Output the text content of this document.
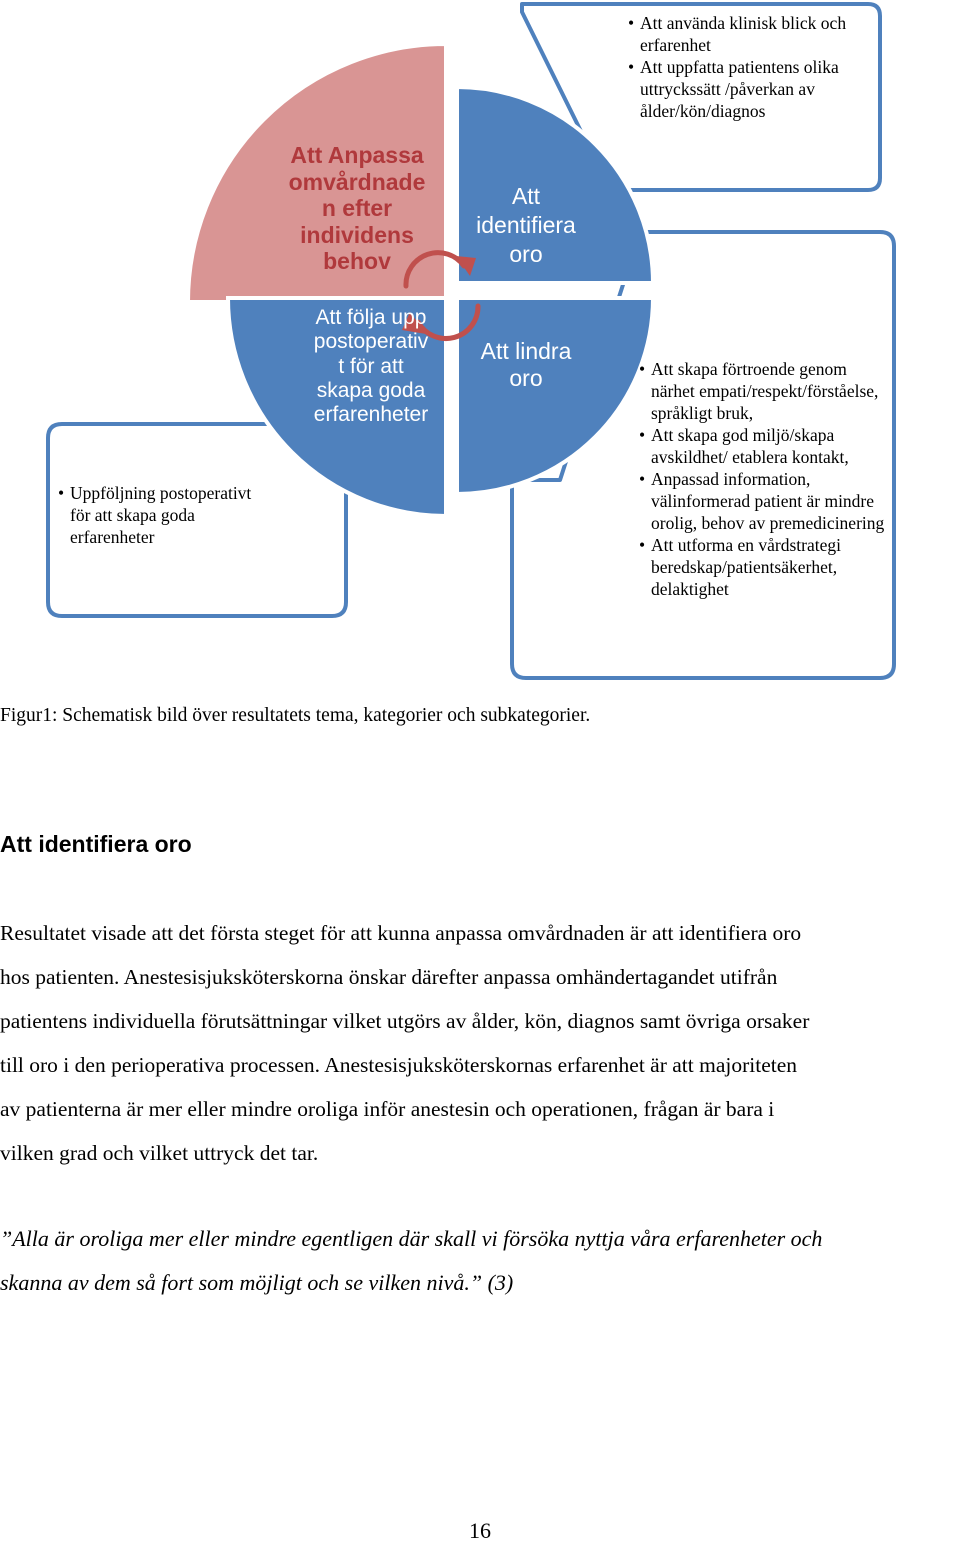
Att Anpassa
omvårdnade
n efter
individens
behov
Att
identifiera
oro
Att följa upp
postoperativ
t för att
skapa goda
erfarenheter
Att lindra
oro
• Att använda klinisk blick och erfarenhet
• Att uppfatta patientens olika uttryckssätt /påverkan av ålder/kön/diagnos
• Att skapa förtroende genom närhet empati/respekt/förståelse, språkligt bruk,
• Att skapa god miljö/skapa avskildhet/ etablera kontakt,
• Anpassad information, välinformerad patient är mindre orolig, behov av premedicinering
• Att utforma en vårdstrategi beredskap/patientsäkerhet, delaktighet
• Uppföljning postoperativt för att skapa goda erfarenheter
Figur1: Schematisk bild över resultatets tema, kategorier och subkategorier.
Att identifiera oro
Resultatet visade att det första steget för att kunna anpassa omvårdnaden är att identifiera oro
hos patienten. Anestesisjuksköterskorna önskar därefter anpassa omhändertagandet utifrån
patientens individuella förutsättningar vilket utgörs av ålder, kön, diagnos samt övriga orsaker
till oro i den perioperativa processen. Anestesisjuksköterskornas erfarenhet är att majoriteten
av patienterna är mer eller mindre oroliga inför anestesin och operationen, frågan är bara i
vilken grad och vilket uttryck det tar.
”Alla är oroliga mer eller mindre egentligen där skall vi försöka nyttja våra erfarenheter och
skanna av dem så fort som möjligt och se vilken nivå.” (3)
16
